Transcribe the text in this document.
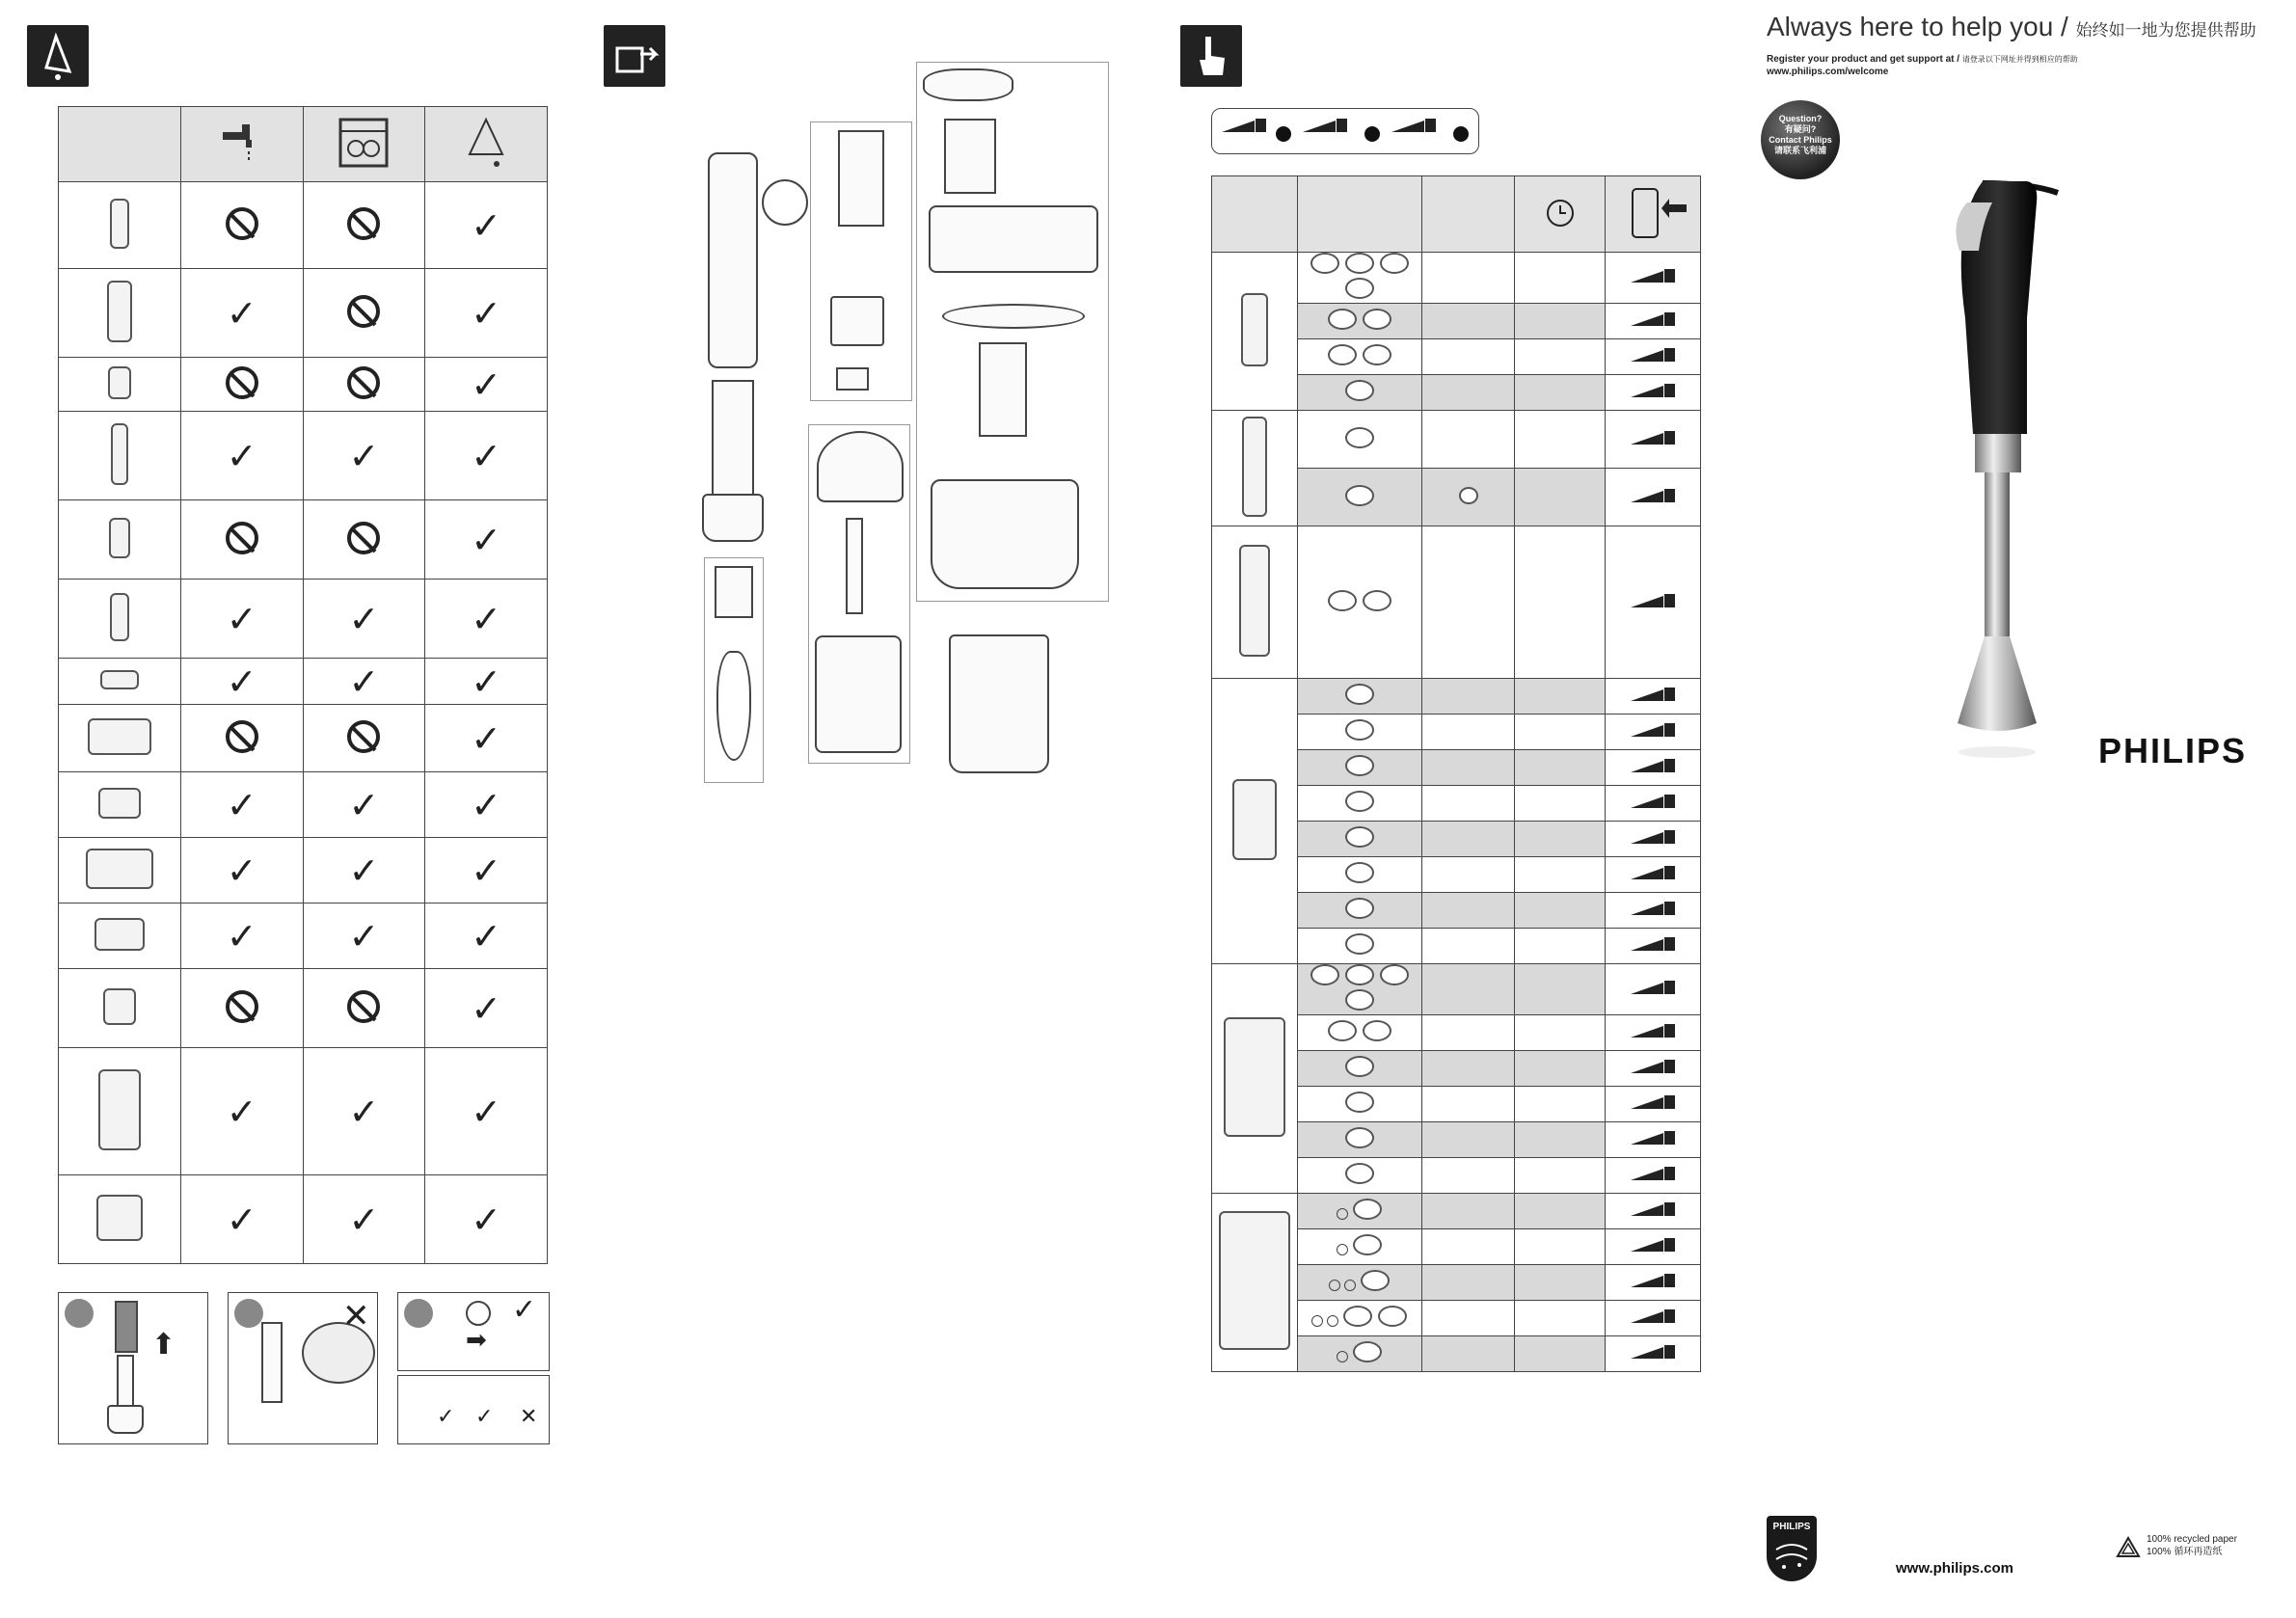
			✓
	✓		✓
			✓
	✓	✓	✓
			✓
	✓	✓	✓
	✓	✓	✓
			✓
	✓	✓	✓
	✓	✓	✓
	✓	✓	✓
			✓
	✓	✓	✓
	✓	✓	✓
⬆
✕
➡
✓
✓ ✓ ✕

Always here to help you / 始终如一地为您提供帮助
Register your product and get support at / 请登录以下网址并得到相应的帮助
www.philips.com/welcome
Question?
有疑问?
Contact Philips
请联系飞利浦
PHILIPS
PHILIPS
www.philips.com
100% recycled paper
100% 循环再造纸
